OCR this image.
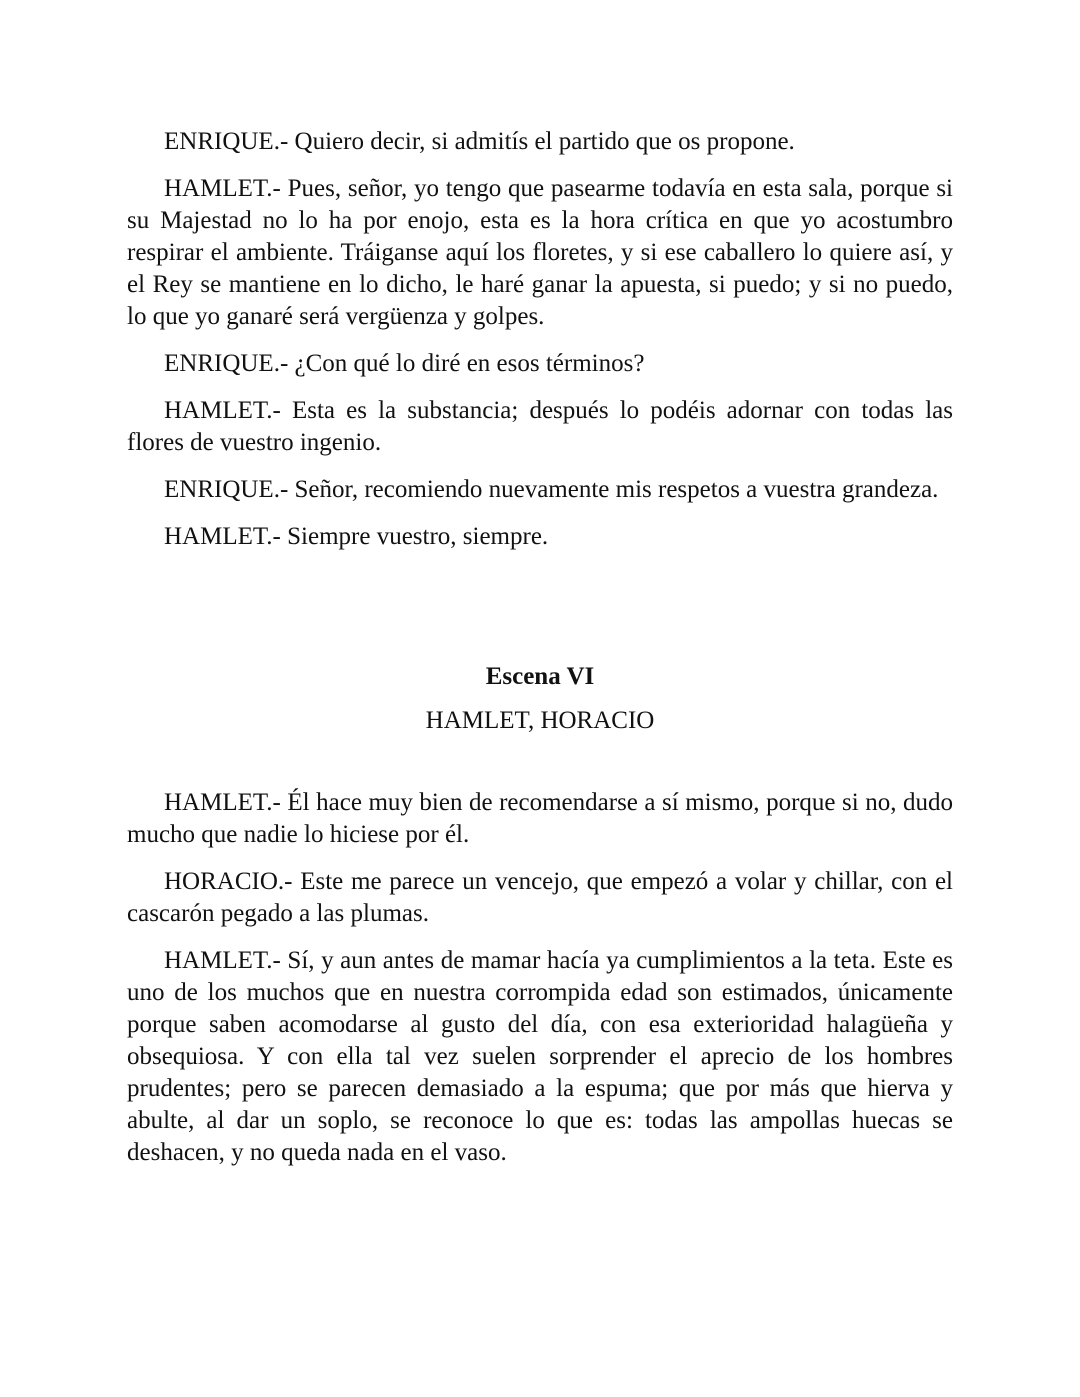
ENRIQUE.- Quiero decir, si admitís el partido que os propone.

HAMLET.- Pues, señor, yo tengo que pasearme todavía en esta sala, porque si su Majestad no lo ha por enojo, esta es la hora crítica en que yo acostumbro respirar el ambiente. Tráiganse aquí los floretes, y si ese caballero lo quiere así, y el Rey se mantiene en lo dicho, le haré ganar la apuesta, si puedo; y si no puedo, lo que yo ganaré será vergüenza y golpes.

ENRIQUE.- ¿Con qué lo diré en esos términos?

HAMLET.- Esta es la substancia; después lo podéis adornar con todas las flores de vuestro ingenio.

ENRIQUE.- Señor, recomiendo nuevamente mis respetos a vuestra grandeza.

HAMLET.- Siempre vuestro, siempre.

Escena VI
HAMLET, HORACIO

HAMLET.- Él hace muy bien de recomendarse a sí mismo, porque si no, dudo mucho que nadie lo hiciese por él.

HORACIO.- Este me parece un vencejo, que empezó a volar y chillar, con el cascarón pegado a las plumas.

HAMLET.- Sí, y aun antes de mamar hacía ya cumplimientos a la teta. Este es uno de los muchos que en nuestra corrompida edad son estimados, únicamente porque saben acomodarse al gusto del día, con esa exterioridad halagüeña y obsequiosa. Y con ella tal vez suelen sorprender el aprecio de los hombres prudentes; pero se parecen demasiado a la espuma; que por más que hierva y abulte, al dar un soplo, se reconoce lo que es: todas las ampollas huecas se deshacen, y no queda nada en el vaso.
